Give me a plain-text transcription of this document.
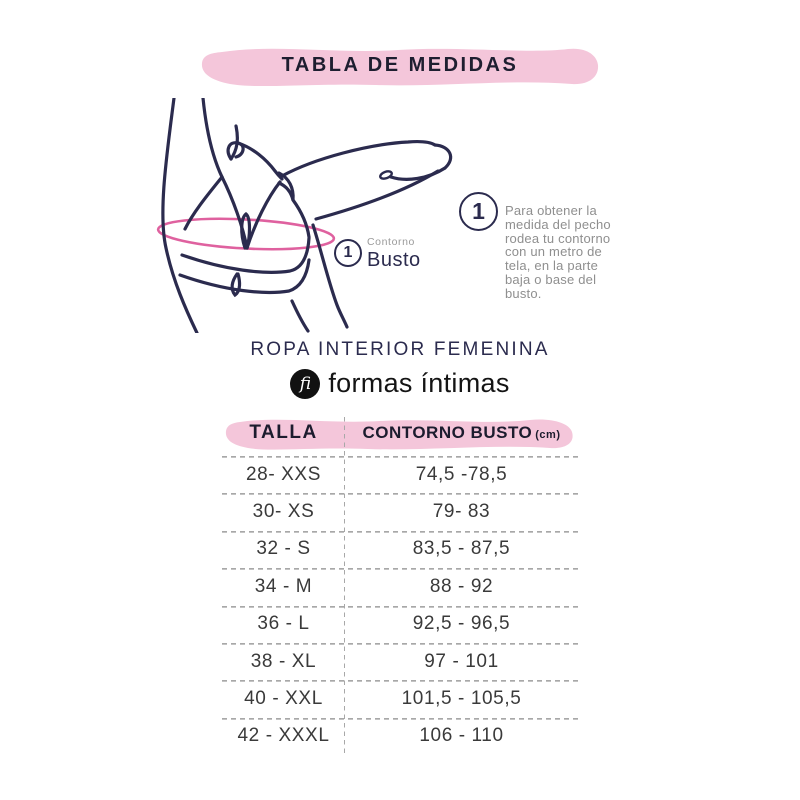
TABLA DE MEDIDAS
1
Contorno
Busto
1	Para obtener la medida del pecho rodea tu contorno con un metro de tela, en la parte baja o base del busto.
ROPA INTERIOR FEMENINA
fi formas íntimas
TALLA	CONTORNO BUSTO (cm)
28- XXS	74,5 -78,5
30- XS	79- 83
32 - S	83,5 - 87,5
34 - M	88 - 92
36 - L	92,5 - 96,5
38 - XL	97 - 101
40 - XXL	101,5 - 105,5
42 - XXXL	106 - 110
